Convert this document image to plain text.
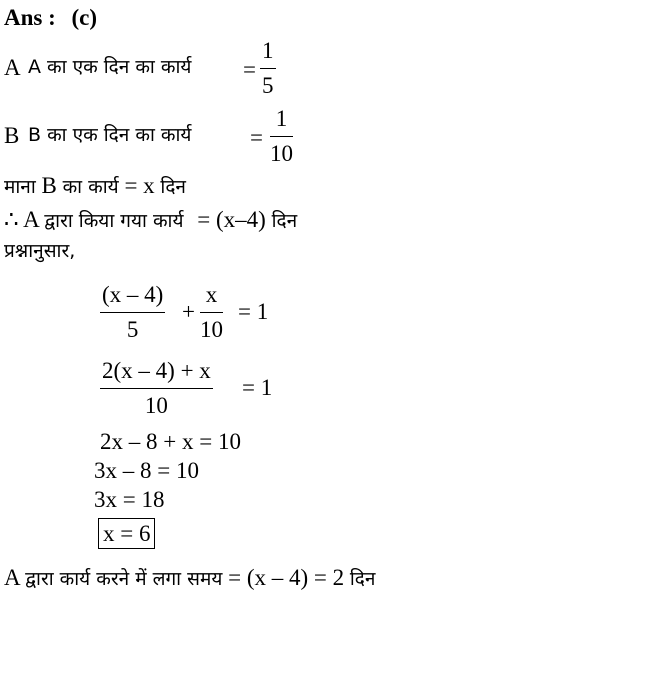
Ans : (c)
A A का एक दिन का कार्य = $\frac{1}{5}$
B B का एक दिन का कार्य	= $\frac{1}{10}$
माना B का कार्य = x दिन
∴ A द्वारा किया गया कार्य = (x–4) दिन
प्रश्नानुसार,
$\frac{(x - 4)}{5} + \frac{x}{10} = 1$
$\frac{2(x - 4) + x}{10} = 1$
2x – 8 + x = 10
3x – 8 = 10
3x = 18
x = 6
A द्वारा कार्य करने में लगा समय = (x – 4) = 2 दिन
